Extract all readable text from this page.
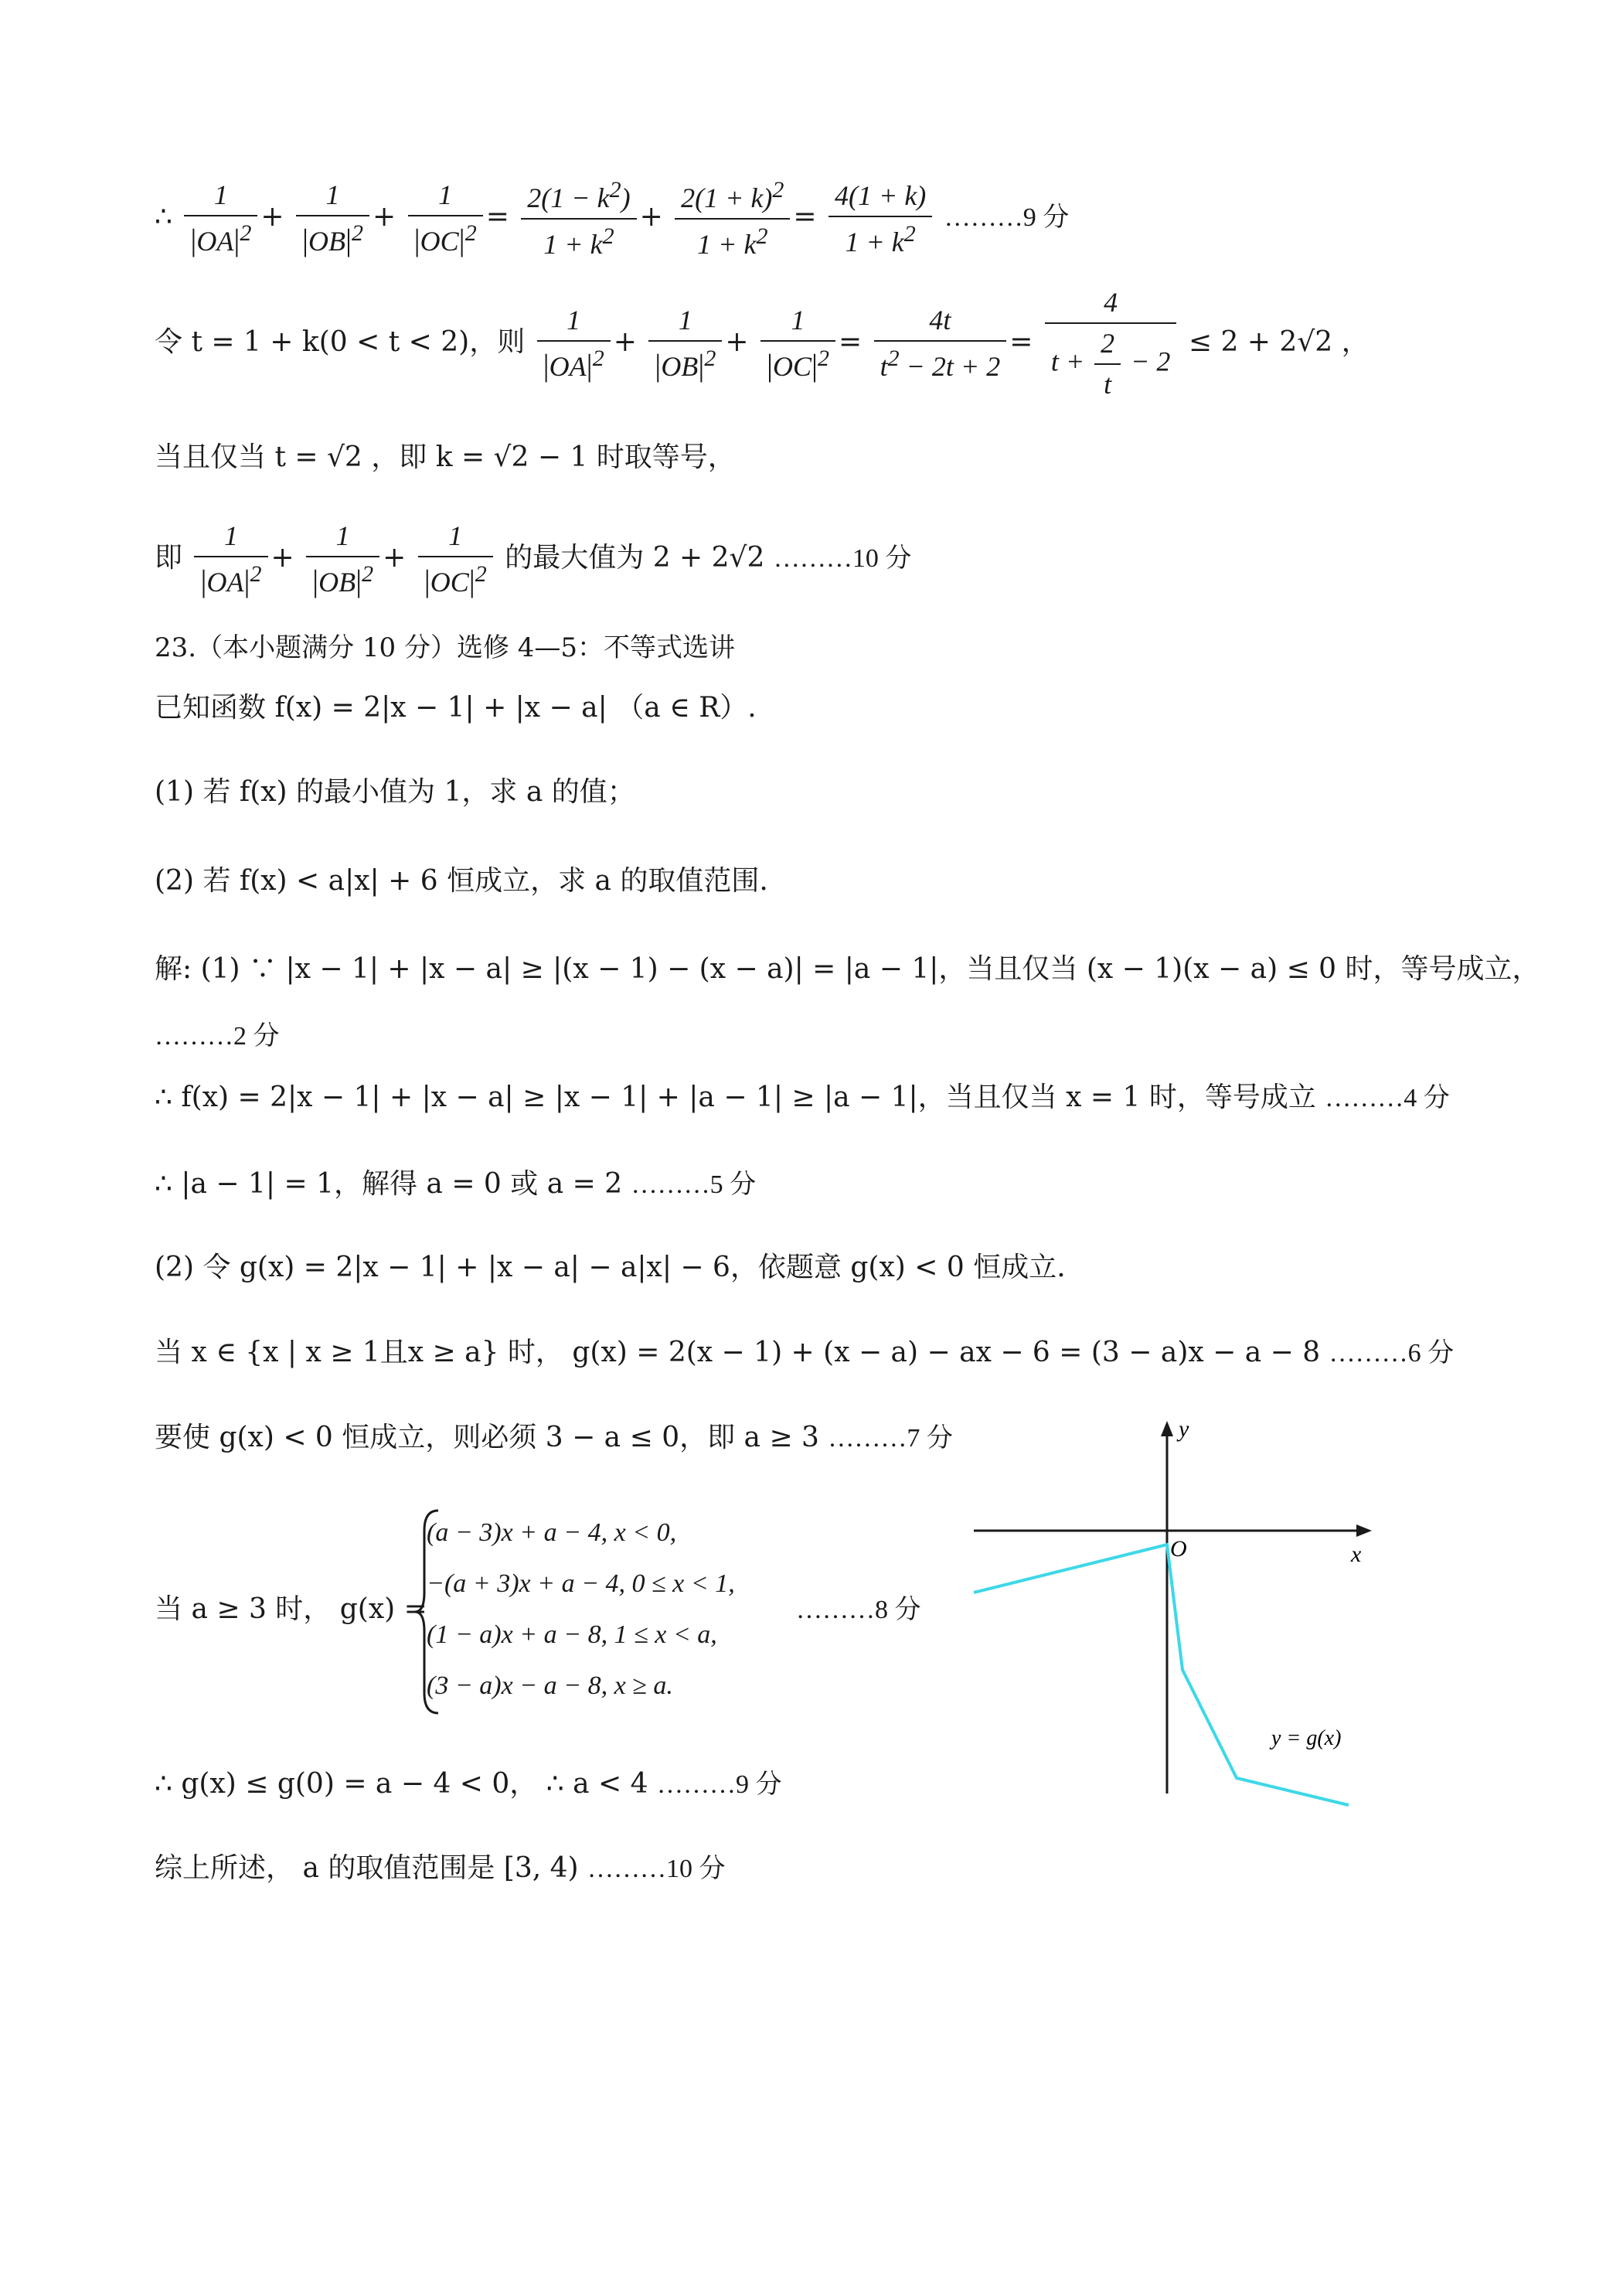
∴ $\frac{1}{|OA|^2} + \frac{1}{|OB|^2} + \frac{1}{|OC|^2} = \frac{2(1 - k^2)}{1 + k^2} + \frac{2(1 + k)^2}{1 + k^2} = \frac{4(1 + k)}{1 + k^2}$ ………9 分
令 t = 1 + k(0 < t < 2)，则 $\frac{1}{|OA|^2} + \frac{1}{|OB|^2} + \frac{1}{|OC|^2} = \frac{4t}{t^2 - 2t + 2} = \frac{4}{t + \frac{2}{t} - 2} \le 2 + 2√2$ ，
当且仅当 t = √2 ，即 k = √2 − 1 时取等号，
即 $\frac{1}{|OA|^2} + \frac{1}{|OB|^2} + \frac{1}{|OC|^2}$ 的最大值为 2 + 2√2 ………10 分
23.（本小题满分 10 分）选修 4—5：不等式选讲
已知函数 f(x) = 2|x − 1| + |x − a| （a ∈ R）.
(1) 若 f(x) 的最小值为 1，求 a 的值；
(2) 若 f(x) < a|x| + 6 恒成立，求 a 的取值范围.
解: (1) ∵ |x − 1| + |x − a| ≥ |(x − 1) − (x − a)| = |a − 1|，当且仅当 (x − 1)(x − a) ≤ 0 时，等号成立，
………2 分
∴ f(x) = 2|x − 1| + |x − a| ≥ |x − 1| + |a − 1| ≥ |a − 1|，当且仅当 x = 1 时，等号成立 ………4 分
∴ |a − 1| = 1，解得 a = 0 或 a = 2 ………5 分
(2) 令 g(x) = 2|x − 1| + |x − a| − a|x| − 6，依题意 g(x) < 0 恒成立.
当 x ∈ {x | x ≥ 1且x ≥ a} 时， g(x) = 2(x − 1) + (x − a) − ax − 6 = (3 − a)x − a − 8 ………6 分
要使 g(x) < 0 恒成立，则必须 3 − a ≤ 0，即 a ≥ 3 ………7 分
当 a ≥ 3 时， g(x) =
(a − 3)x + a − 4, x < 0,
−(a + 3)x + a − 4, 0 ≤ x < 1,
(1 − a)x + a − 8, 1 ≤ x < a,
(3 − a)x − a − 8, x ≥ a.
………8 分
∴ g(x) ≤ g(0) = a − 4 < 0， ∴ a < 4 ………9 分
综上所述， a 的取值范围是 [3, 4) ………10 分
y
x
O
y = g(x)
